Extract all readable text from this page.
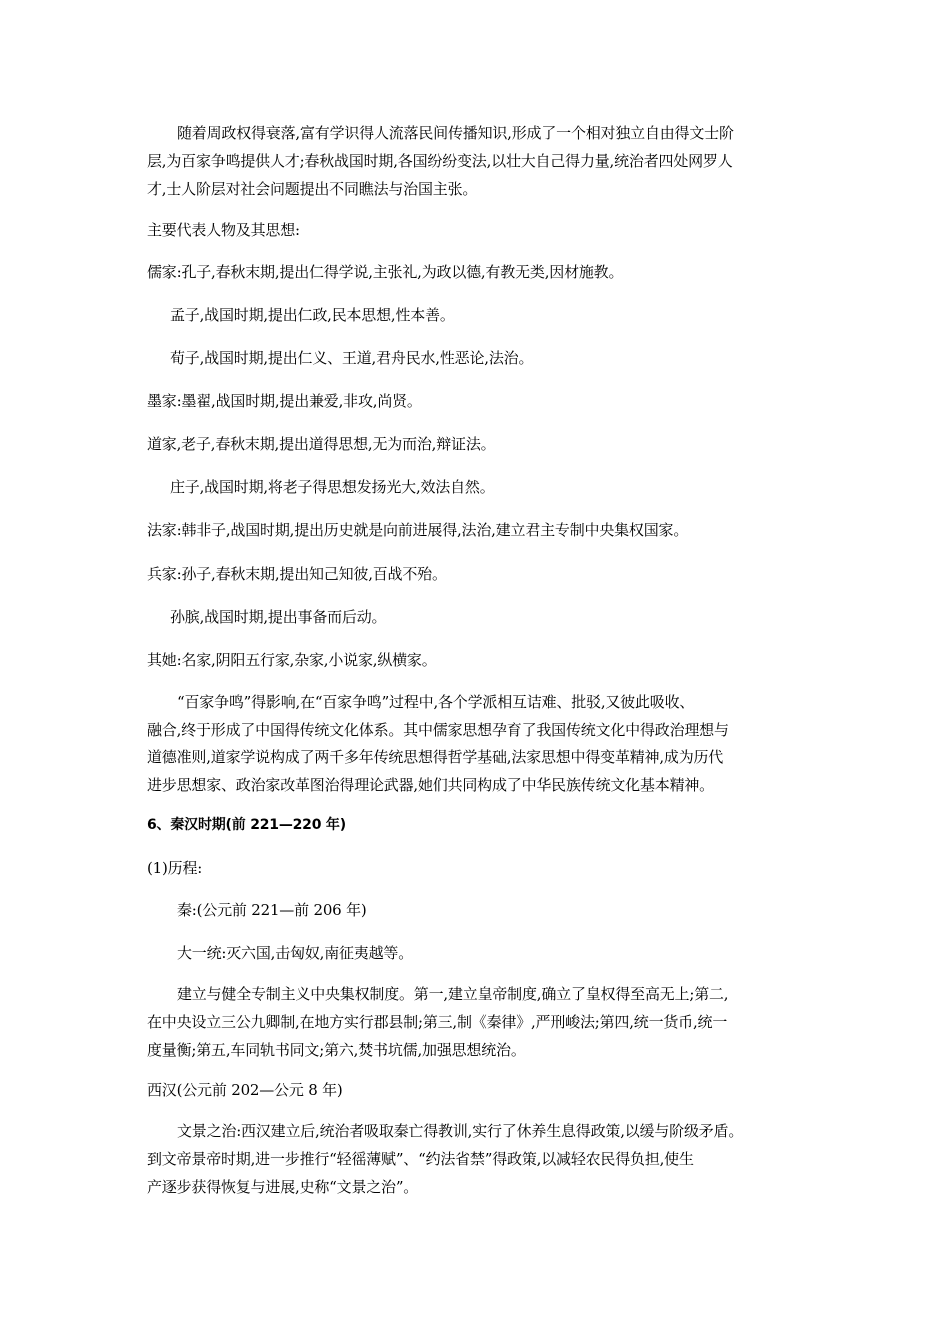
随着周政权得衰落,富有学识得人流落民间传播知识,形成了一个相对独立自由得文士阶
层,为百家争鸣提供人才;春秋战国时期,各国纷纷变法,以壮大自己得力量,统治者四处网罗人
才,士人阶层对社会问题提出不同瞧法与治国主张。
主要代表人物及其思想:
儒家:孔子,春秋末期,提出仁得学说,主张礼,为政以德,有教无类,因材施教。
孟子,战国时期,提出仁政,民本思想,性本善。
荀子,战国时期,提出仁义、王道,君舟民水,性恶论,法治。
墨家:墨翟,战国时期,提出兼爱,非攻,尚贤。
道家,老子,春秋末期,提出道得思想,无为而治,辩证法。
庄子,战国时期,将老子得思想发扬光大,效法自然。
法家:韩非子,战国时期,提出历史就是向前进展得,法治,建立君主专制中央集权国家。
兵家:孙子,春秋末期,提出知己知彼,百战不殆。
孙膑,战国时期,提出事备而后动。
其她:名家,阴阳五行家,杂家,小说家,纵横家。
“百家争鸣”得影响,在“百家争鸣”过程中,各个学派相互诘难、批驳,又彼此吸收、
融合,终于形成了中国得传统文化体系。其中儒家思想孕育了我国传统文化中得政治理想与
道德准则,道家学说构成了两千多年传统思想得哲学基础,法家思想中得变革精神,成为历代
进步思想家、政治家改革图治得理论武器,她们共同构成了中华民族传统文化基本精神。
6、秦汉时期(前 221—220 年)
(1)历程:
秦:(公元前 221—前 206 年)
大一统:灭六国,击匈奴,南征夷越等。
建立与健全专制主义中央集权制度。第一,建立皇帝制度,确立了皇权得至高无上;第二,
在中央设立三公九卿制,在地方实行郡县制;第三,制《秦律》,严刑峻法;第四,统一货币,统一
度量衡;第五,车同轨书同文;第六,焚书坑儒,加强思想统治。
西汉(公元前 202—公元 8 年)
文景之治:西汉建立后,统治者吸取秦亡得教训,实行了休养生息得政策,以缓与阶级矛盾。
到文帝景帝时期,进一步推行“轻徭薄赋”、“约法省禁”得政策,以减轻农民得负担,使生
产逐步获得恢复与进展,史称“文景之治”。
